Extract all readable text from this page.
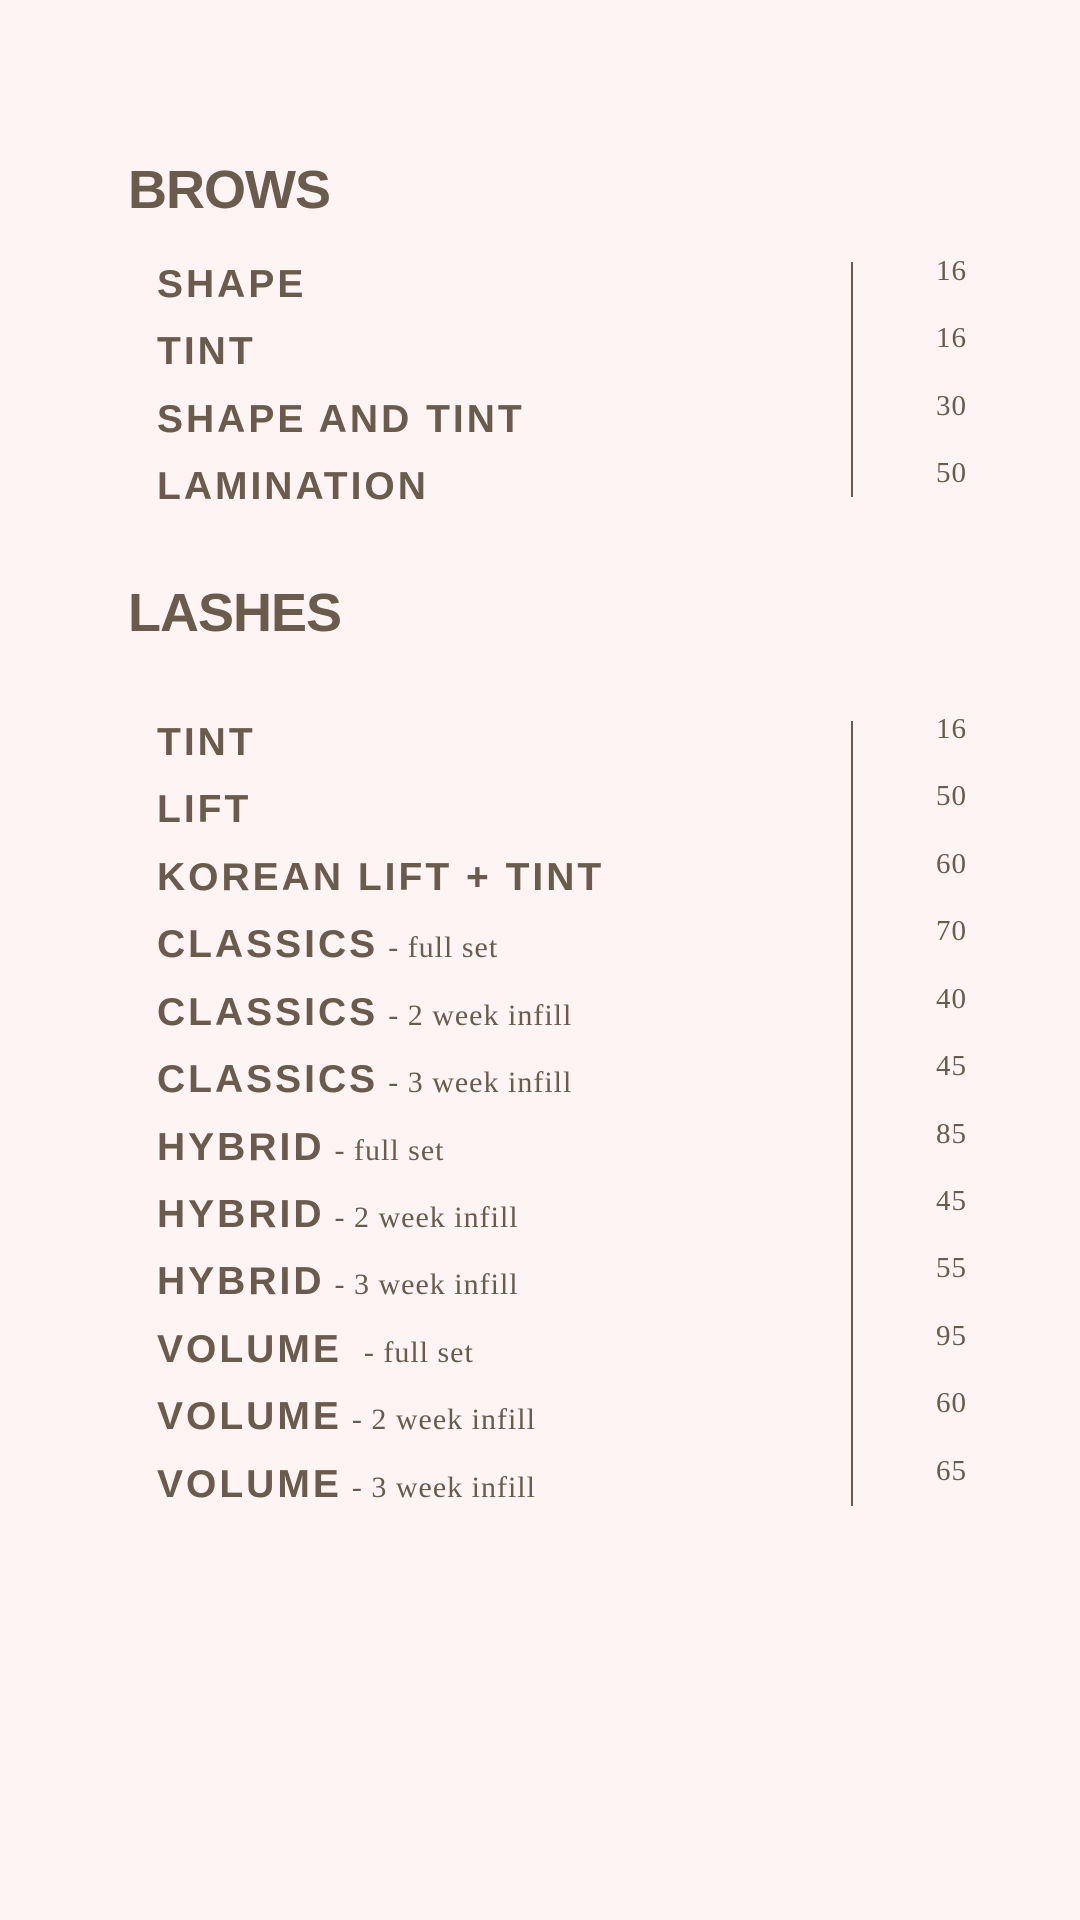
BROWS
SHAPE	16
TINT	16
SHAPE AND TINT	30
LAMINATION	50
LASHES
TINT	16
LIFT	50
KOREAN LIFT + TINT	60
CLASSICS - full set	70
CLASSICS - 2 week infill	40
CLASSICS - 3 week infill	45
HYBRID - full set	85
HYBRID - 2 week infill	45
HYBRID - 3 week infill	55
VOLUME - full set	95
VOLUME - 2 week infill	60
VOLUME - 3 week infill	65
